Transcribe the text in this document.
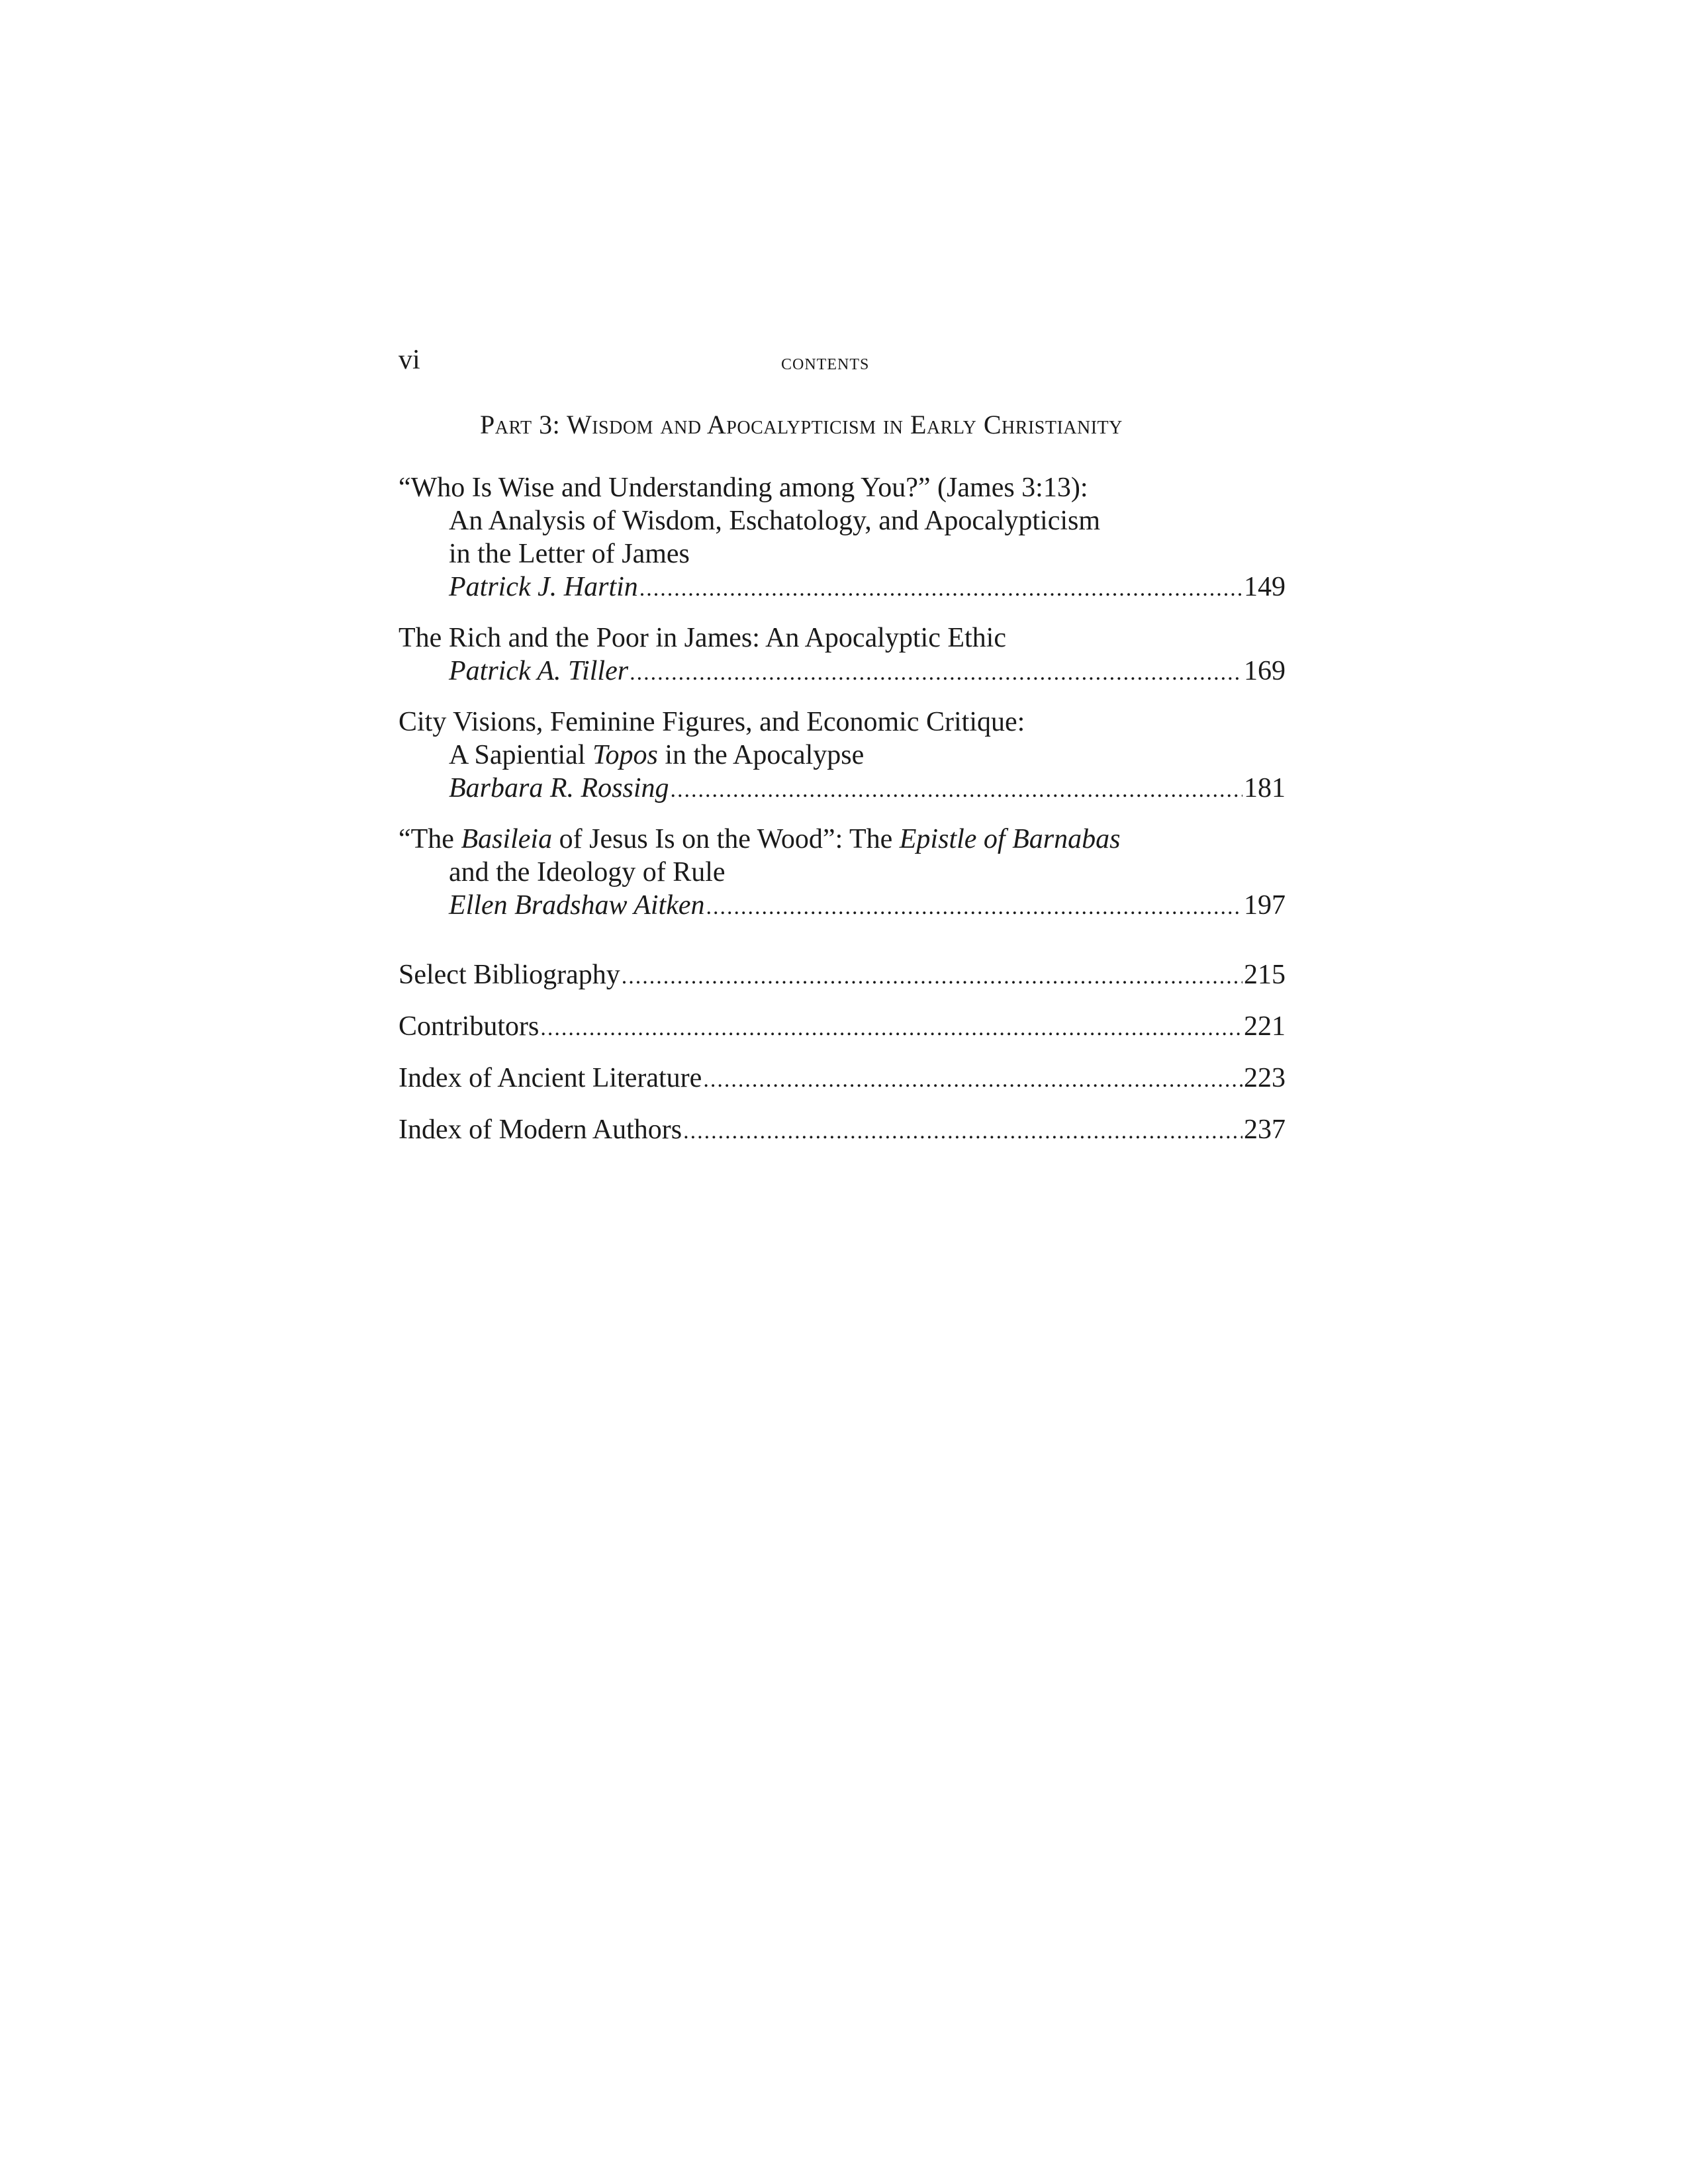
vi	contents
Part 3: Wisdom and Apocalypticism in Early Christianity
“Who Is Wise and Understanding among You?” (James 3:13):
An Analysis of Wisdom, Eschatology, and Apocalypticism
in the Letter of James
Patrick J. Hartin .....	149
The Rich and the Poor in James: An Apocalyptic Ethic
Patrick A. Tiller .....	169
City Visions, Feminine Figures, and Economic Critique:
A Sapiential Topos in the Apocalypse
Barbara R. Rossing .....	181
“The Basileia of Jesus Is on the Wood”: The Epistle of Barnabas
and the Ideology of Rule
Ellen Bradshaw Aitken .....	197
Select Bibliography .....	215
Contributors .....	221
Index of Ancient Literature .....	223
Index of Modern Authors .....	237
